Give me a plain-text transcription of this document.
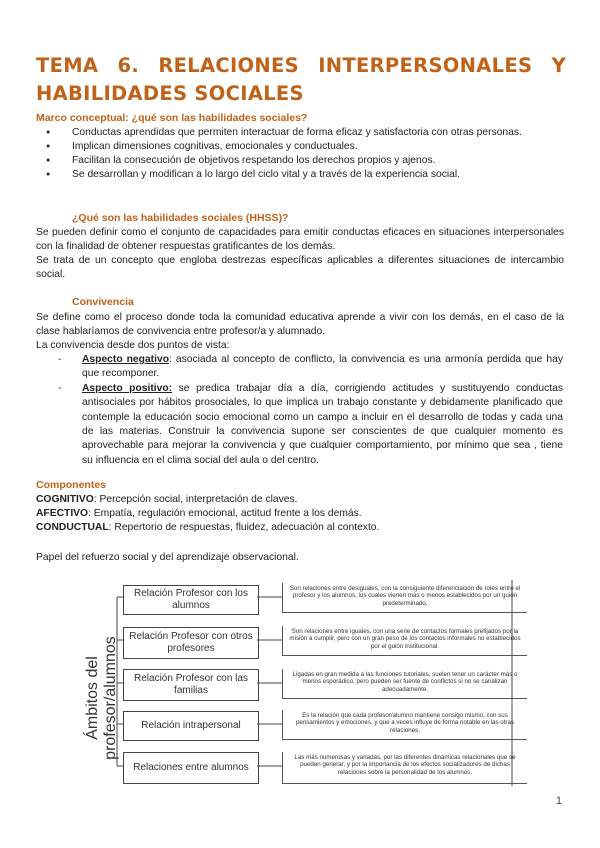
TEMA 6. RELACIONES INTERPERSONALES Y HABILIDADES SOCIALES
Marco conceptual: ¿qué son las habilidades sociales?
● Conductas aprendidas que permiten interactuar de forma eficaz y satisfactoria con otras personas.
● Implican dimensiones cognitivas, emocionales y conductuales.
● Facilitan la consecución de objetivos respetando los derechos propios y ajenos.
● Se desarrollan y modifican a lo largo del ciclo vital y a través de la experiencia social.
¿Qué son las habilidades sociales (HHSS)?
Se pueden definir como el conjunto de capacidades para emitir conductas eficaces en situaciones interpersonales con la finalidad de obtener respuestas gratificantes de los demás.
Se trata de un concepto que engloba destrezas específicas aplicables a diferentes situaciones de intercambio social.
Convivencia
Se define como el proceso donde toda la comunidad educativa aprende a vivir con los demás, en el caso de la clase hablaríamos de convivencia entre profesor/a y alumnado.
La convivencia desde dos puntos de vista:
- Aspecto negativo: asociada al concepto de conflicto, la convivencia es una armonía perdida que hay que recomponer.
- Aspecto positivo: se predica trabajar día a día, corrigiendo actitudes y sustituyendo conductas antisociales por hábitos prosociales, lo que implica un trabajo constante y debidamente planificado que contemple la educación socio emocional como un campo a incluir en el desarrollo de todas y cada una de las materias. Construir la convivencia supone ser conscientes de que cualquier momento es aprovechable para mejorar la convivencia y que cualquier comportamiento, por mínimo que sea , tiene su influencia en el clima social del aula o del centro.
Componentes
COGNITIVO: Percepción social, interpretación de claves.
AFECTIVO: Empatía, regulación emocional, actitud frente a los demás.
CONDUCTUAL: Repertorio de respuestas, fluidez, adecuación al contexto.
Papel del refuerzo social y del aprendizaje observacional.
Ámbitos del profesor/alumnos
Relación Profesor con los alumnos
Relación Profesor con otros profesores
Relación Profesor con las familias
Relación intrapersonal
Relaciones entre alumnos
Son relaciones entre desiguales, con la consiguiente diferenciación de roles entre el profesor y los alumnos, los cuales vienen más o menos establecidos por un guión predeterminado.
Son relaciones entre iguales, con una serie de contactos formales prefijados por la misión a cumplir, pero con un gran peso de los contactos informales no establecidos por el guión institucional.
Ligadas en gran medida a las funciones tutoriales, suelen tener un carácter más o menos esporádico, pero pueden ser fuente de conflictos si no se canalizan adecuadamente.
Es la relación que cada profesor/alumno mantiene consigo mismo, con sus pensamientos y emociones, y que a veces influye de forma notable en las otras relaciones.
Las más numerosas y variadas, por las diferentes dinámicas relacionales que se pueden generar, y por la importancia de los efectos socializadores de dichas relaciones sobre la personalidad de los alumnos.
1
